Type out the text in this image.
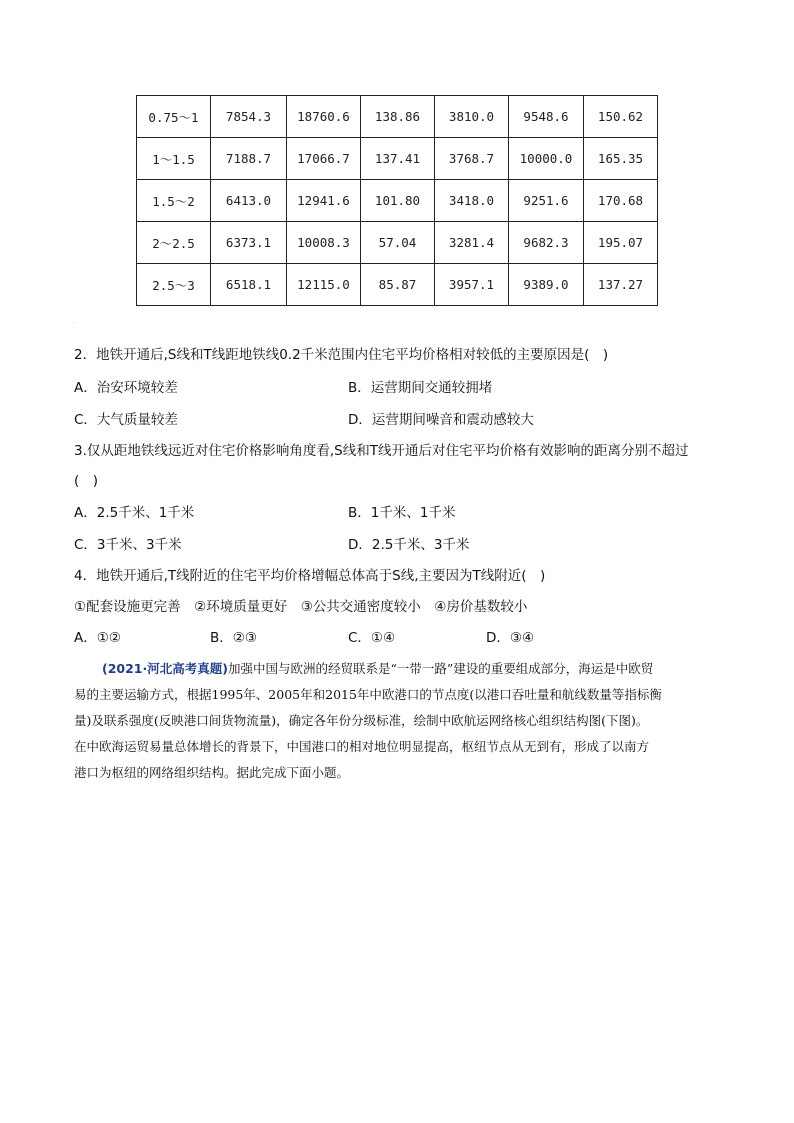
0.75～1	7854.3	18760.6	138.86	3810.0	9548.6	150.62
1～1.5	7188.7	17066.7	137.41	3768.7	10000.0	165.35
1.5～2	6413.0	12941.6	101.80	3418.0	9251.6	170.68
2～2.5	6373.1	10008.3	57.04	3281.4	9682.3	195.07
2.5～3	6518.1	12115.0	85.87	3957.1	9389.0	137.27
·
2．地铁开通后,S线和T线距地铁线0.2千米范围内住宅平均价格相对较低的主要原因是(　)
A．治安环境较差	B．运营期间交通较拥堵
C．大气质量较差	D．运营期间噪音和震动感较大
3.仅从距地铁线远近对住宅价格影响角度看,S线和T线开通后对住宅平均价格有效影响的距离分别不超过
(　)
A．2.5千米、1千米	B．1千米、1千米
C．3千米、3千米	D．2.5千米、3千米
4．地铁开通后,T线附近的住宅平均价格增幅总体高于S线,主要因为T线附近(　)
①配套设施更完善　②环境质量更好　③公共交通密度较小　④房价基数较小
A．①②	B．②③	C．①④	D．③④

(2021·河北高考真题)加强中国与欧洲的经贸联系是“一带一路”建设的重要组成部分，海运是中欧贸

易的主要运输方式，根据1995年、2005年和2015年中欧港口的节点度(以港口吞吐量和航线数量等指标衡

量)及联系强度(反映港口间货物流量)，确定各年份分级标准，绘制中欧航运网络核心组织结构图(下图)。

在中欧海运贸易量总体增长的背景下，中国港口的相对地位明显提高，枢纽节点从无到有，形成了以南方

港口为枢纽的网络组织结构。据此完成下面小题。
